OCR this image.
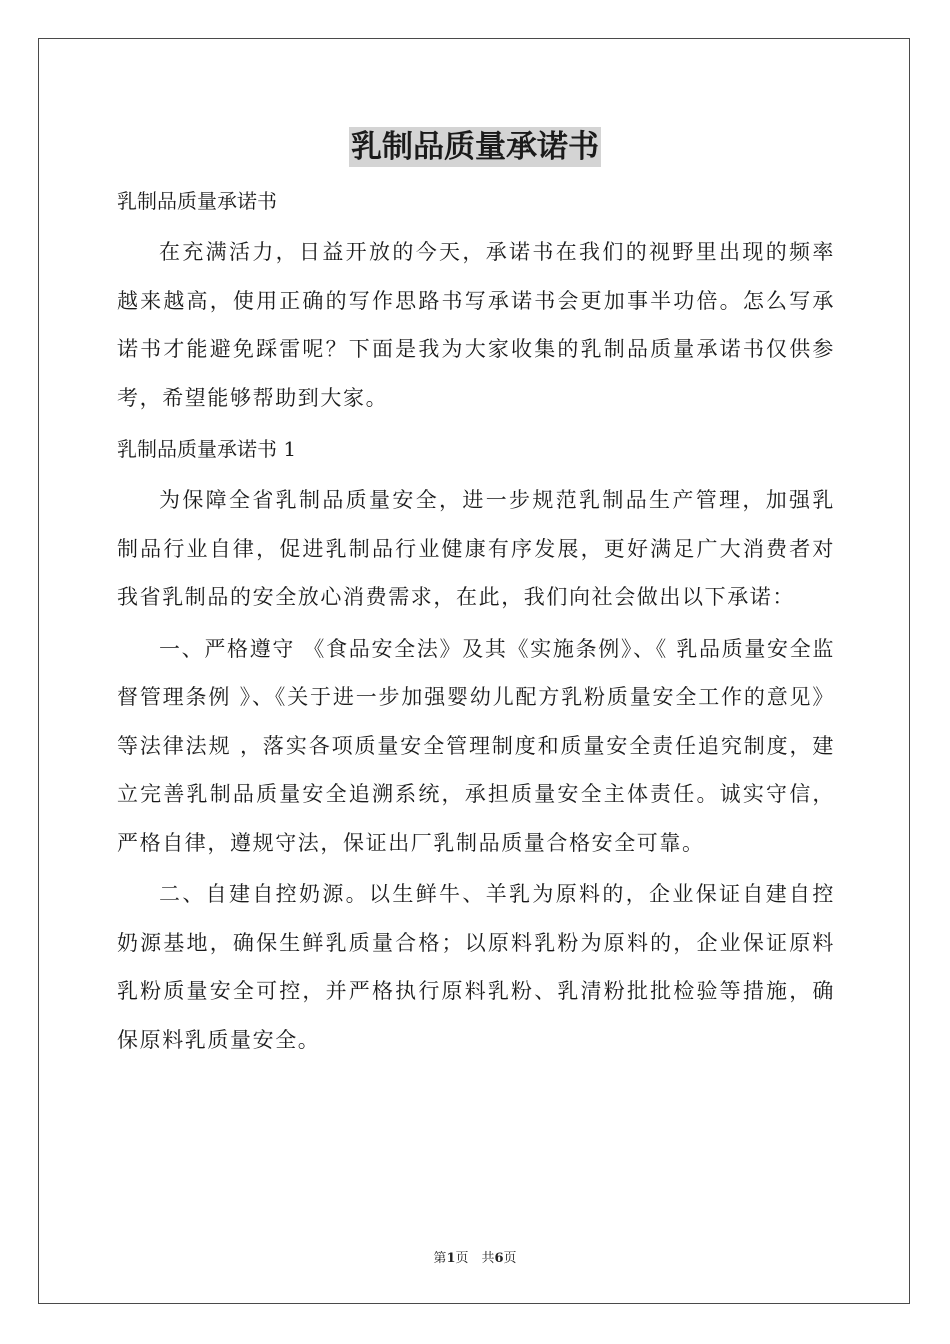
乳制品质量承诺书

乳制品质量承诺书

在充满活力，日益开放的今天，承诺书在我们的视野里出现的频率越来越高，使用正确的写作思路书写承诺书会更加事半功倍。怎么写承诺书才能避免踩雷呢？下面是我为大家收集的乳制品质量承诺书仅供参考，希望能够帮助到大家。

乳制品质量承诺书 1

为保障全省乳制品质量安全，进一步规范乳制品生产管理，加强乳制品行业自律，促进乳制品行业健康有序发展，更好满足广大消费者对我省乳制品的安全放心消费需求，在此，我们向社会做出以下承诺：

一、严格遵守 《食品安全法》及其《实施条例》、《 乳品质量安全监督管理条例 》、《关于进一步加强婴幼儿配方乳粉质量安全工作的意见》等法律法规 ，落实各项质量安全管理制度和质量安全责任追究制度，建立完善乳制品质量安全追溯系统，承担质量安全主体责任。诚实守信，严格自律，遵规守法，保证出厂乳制品质量合格安全可靠。

二、自建自控奶源。以生鲜牛、羊乳为原料的，企业保证自建自控奶源基地，确保生鲜乳质量合格；以原料乳粉为原料的，企业保证原料乳粉质量安全可控，并严格执行原料乳粉、乳清粉批批检验等措施，确保原料乳质量安全。

第1页　共6页
